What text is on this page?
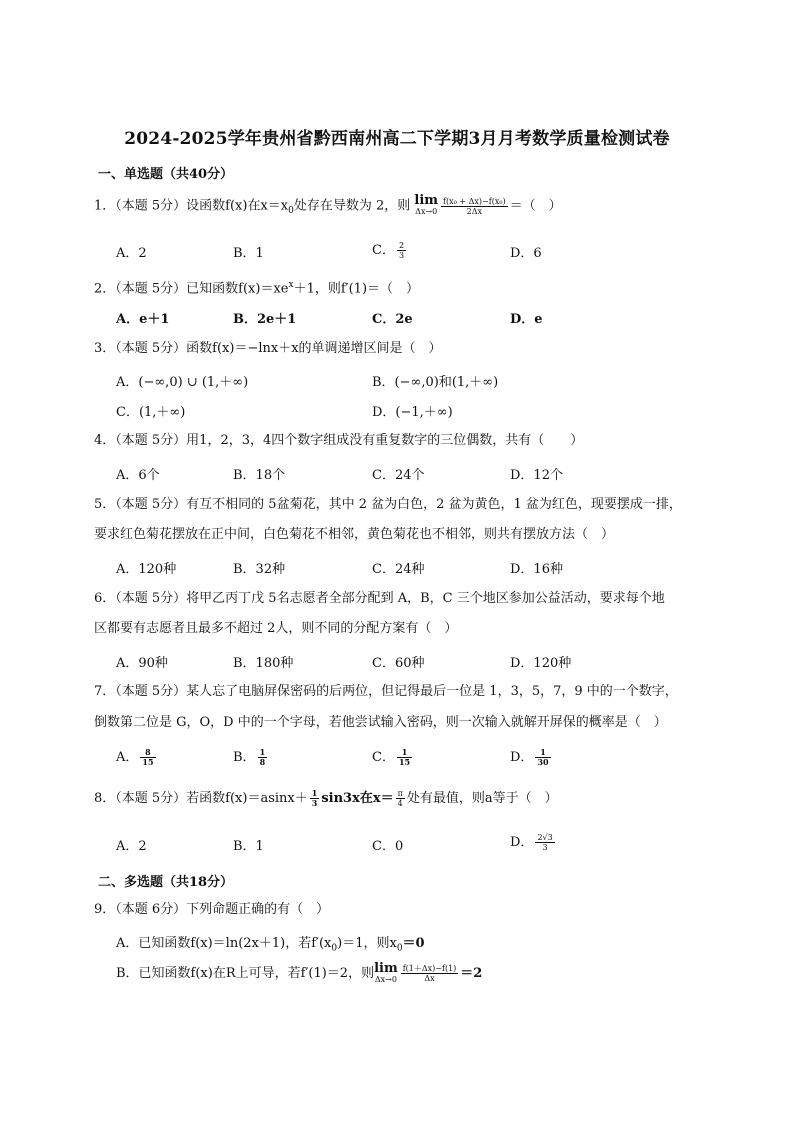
2024-2025学年贵州省黔西南州高二下学期3月月考数学质量检测试卷
一、单选题（共40分）
1．（本题 5分）设函数f(x)在$x=x_0$处存在导数为 2，则 lim
$\Delta x\to 0 \frac{\text{f(x₀ + Δx)−f(x₀)}}{2\Delta x}$ ＝（　）
A．2	B．1	C． $\frac{2}{3}$	D．6
2．（本题 5分）已知函数$f(x)=xe^x+1$，则f′(1)＝（　）
A．e＋1	B．2e＋1	C．2e	D．e
3．（本题 5分）函数f(x)＝−lnx＋x的单调递增区间是（　）
A．(−∞,0) ∪ (1,＋∞)	B．(−∞,0)和(1,＋∞)
C．(1,＋∞)	D．(−1,＋∞)
4．（本题 5分）用1，2，3，4四个数字组成没有重复数字的三位偶数，共有（　　）
A．6个	B．18个	C．24个	D．12个
5．（本题 5分）有互不相同的 5盆菊花，其中 2 盆为白色，2 盆为黄色，1 盆为红色，现要摆成一排，
要求红色菊花摆放在正中间，白色菊花不相邻，黄色菊花也不相邻，则共有摆放方法（　）
A．120种	B．32种	C．24种	D．16种
6．（本题 5分）将甲乙丙丁戊 5名志愿者全部分配到 A，B，C 三个地区参加公益活动，要求每个地
区都要有志愿者且最多不超过 2人，则不同的分配方案有（　）
A．90种	B．180种	C．60种	D．120种
7．（本题 5分）某人忘了电脑屏保密码的后两位，但记得最后一位是 1，3，5，7，9 中的一个数字，
倒数第二位是 G，O，D 中的一个字母，若他尝试输入密码，则一次输入就解开屏保的概率是（　）
A． $\frac{8}{15}$	B． $\frac{1}{8}$	C． $\frac{1}{15}$	D． $\frac{1}{30}$
8．（本题 5分）若函数$f(x)=asinx+ \frac{1}{3} \sin 3x$在$x= \frac{\pi}{4}$ 处有最值，则a等于（　）
A．2	B．1	C．0	D． $\frac{2√3}{3}$
二、多选题（共18分）
9．（本题 6分）下列命题正确的有（　）
A．已知函数f(x)＝ln(2x＋1)，若$f'(x_0)=1$，则$x_0=0$
B．已知函数f(x)在R上可导，若f′(1)＝2，则 lim
$\Delta x\to 0 \frac{f(1+\Delta x)-f(1)}{\Delta x} =2$
